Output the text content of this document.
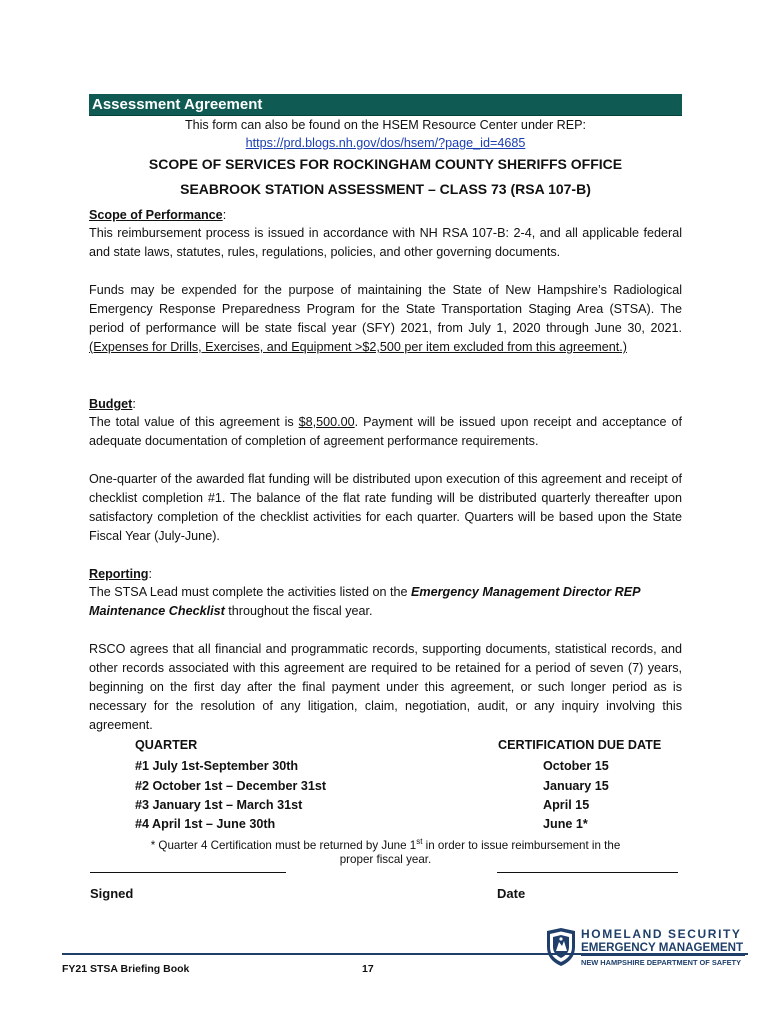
Assessment Agreement
This form can also be found on the HSEM Resource Center under REP:
https://prd.blogs.nh.gov/dos/hsem/?page_id=4685
SCOPE OF SERVICES FOR ROCKINGHAM COUNTY SHERIFFS OFFICE
SEABROOK STATION ASSESSMENT – CLASS 73 (RSA 107-B)
Scope of Performance:
This reimbursement process is issued in accordance with NH RSA 107-B: 2-4, and all applicable federal and state laws, statutes, rules, regulations, policies, and other governing documents.
Funds may be expended for the purpose of maintaining the State of New Hampshire’s Radiological Emergency Response Preparedness Program for the State Transportation Staging Area (STSA). The period of performance will be state fiscal year (SFY) 2021, from July 1, 2020 through June 30, 2021. (Expenses for Drills, Exercises, and Equipment >$2,500 per item excluded from this agreement.)
Budget:
The total value of this agreement is $8,500.00. Payment will be issued upon receipt and acceptance of adequate documentation of completion of agreement performance requirements.
One-quarter of the awarded flat funding will be distributed upon execution of this agreement and receipt of checklist completion #1. The balance of the flat rate funding will be distributed quarterly thereafter upon satisfactory completion of the checklist activities for each quarter. Quarters will be based upon the State Fiscal Year (July-June).
Reporting:
The STSA Lead must complete the activities listed on the Emergency Management Director REP Maintenance Checklist throughout the fiscal year.
RSCO agrees that all financial and programmatic records, supporting documents, statistical records, and other records associated with this agreement are required to be retained for a period of seven (7) years, beginning on the first day after the final payment under this agreement, or such longer period as is necessary for the resolution of any litigation, claim, negotiation, audit, or any inquiry involving this agreement.
QUARTER	CERTIFICATION DUE DATE
#1 July 1st-September 30th	October 15
#2 October 1st – December 31st	January 15
#3 January 1st – March 31st	April 15
#4 April 1st – June 30th	June 1*
* Quarter 4 Certification must be returned by June 1st in order to issue reimbursement in the
proper fiscal year.
Signed	Date
HOMELAND SECURITY
EMERGENCY MANAGEMENT
NEW HAMPSHIRE DEPARTMENT OF SAFETY
FY21 STSA Briefing Book	17
